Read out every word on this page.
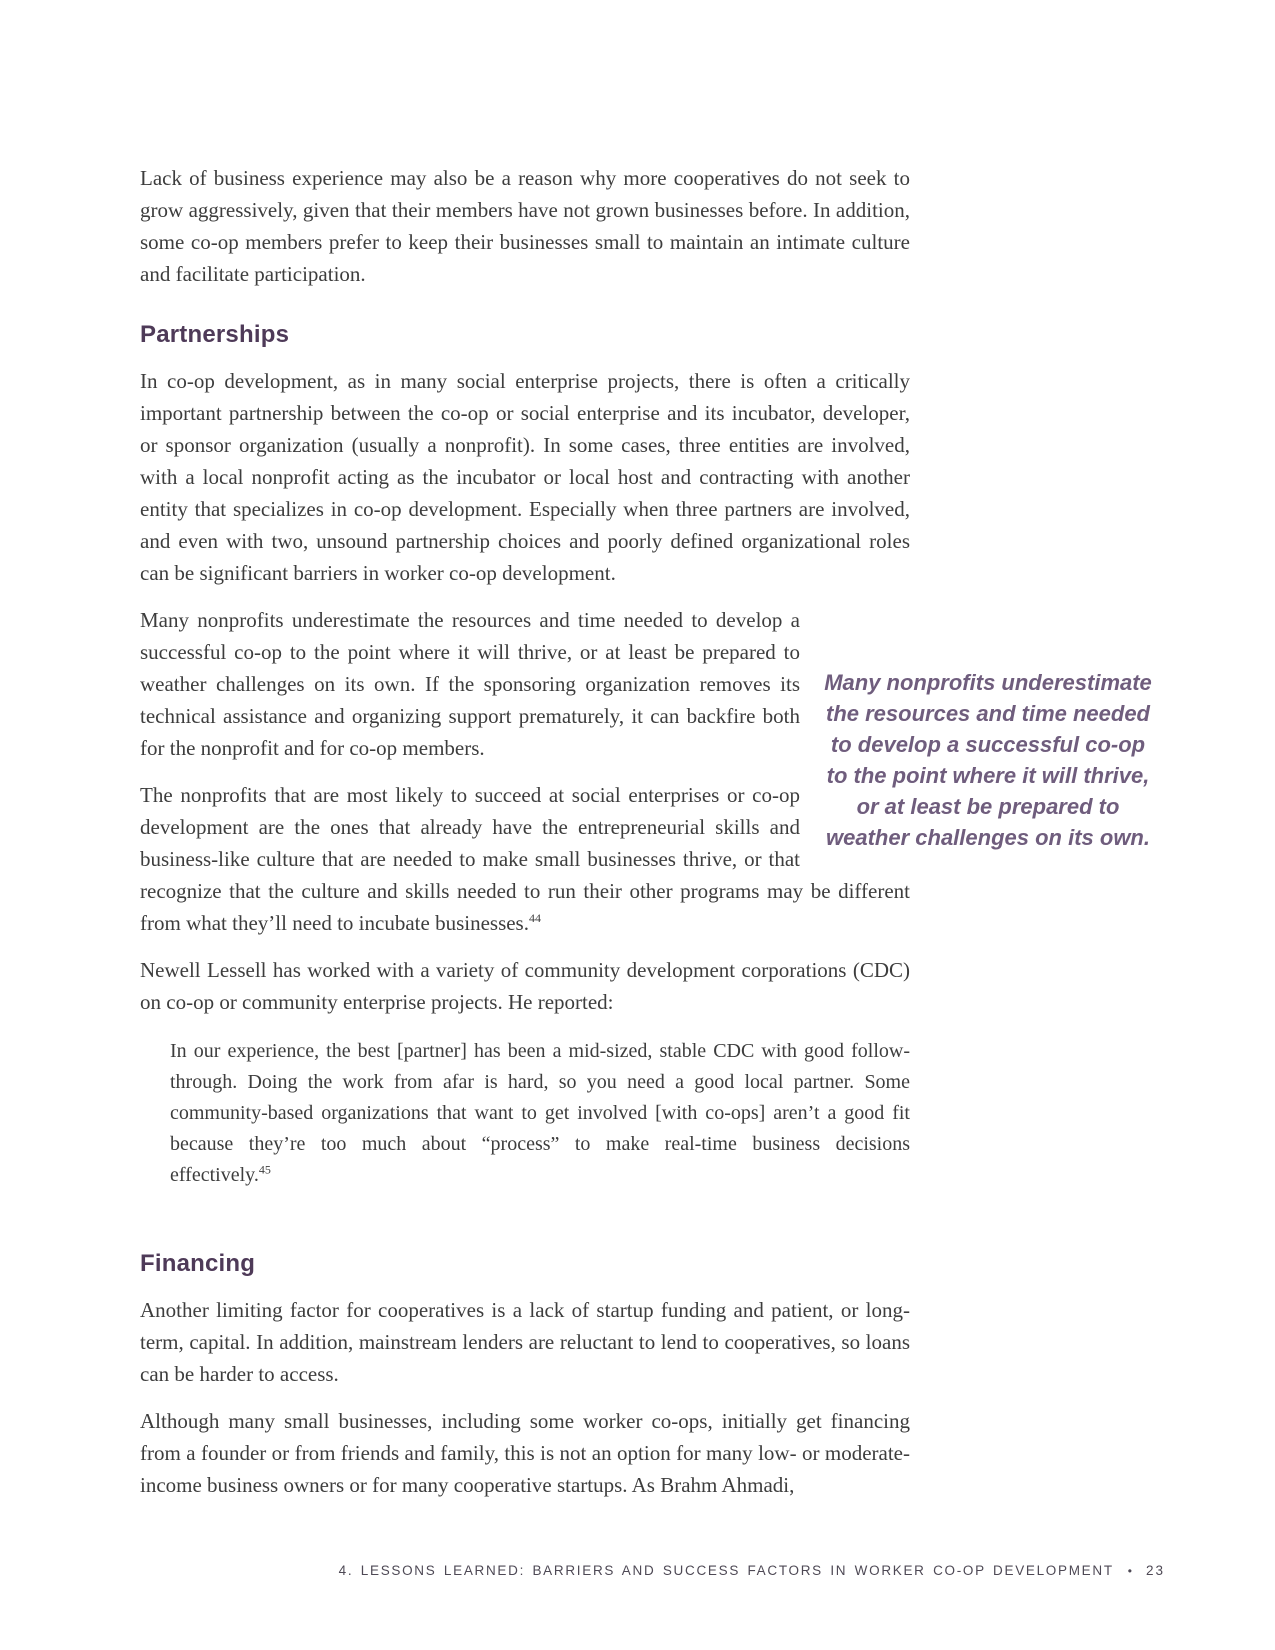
Lack of business experience may also be a reason why more cooperatives do not seek to grow aggressively, given that their members have not grown businesses before. In addition, some co-op members prefer to keep their businesses small to maintain an intimate culture and facilitate participation.

Partnerships

In co-op development, as in many social enterprise projects, there is often a critically important partnership between the co-op or social enterprise and its incubator, developer, or sponsor organization (usually a nonprofit). In some cases, three entities are involved, with a local nonprofit acting as the incubator or local host and contracting with another entity that specializes in co-op development. Especially when three partners are involved, and even with two, unsound partnership choices and poorly defined organizational roles can be significant barriers in worker co-op development.

Many nonprofits underestimate the resources and time needed to develop a successful co-op to the point where it will thrive, or at least be prepared to weather challenges on its own.

Many nonprofits underestimate the resources and time needed to develop a successful co-op to the point where it will thrive, or at least be prepared to weather challenges on its own. If the sponsoring organization removes its technical assistance and organizing support prematurely, it can backfire both for the nonprofit and for co-op members.

The nonprofits that are most likely to succeed at social enterprises or co-op development are the ones that already have the entrepreneurial skills and business-like culture that are needed to make small businesses thrive, or that recognize that the culture and skills needed to run their other programs may be different from what they’ll need to incubate businesses.$^{44}$

Newell Lessell has worked with a variety of community development corporations (CDC) on co-op or community enterprise projects. He reported:

In our experience, the best [partner] has been a mid-sized, stable CDC with good follow-through. Doing the work from afar is hard, so you need a good local partner. Some community-based organizations that want to get involved [with co-ops] aren’t a good fit because they’re too much about “process” to make real-time business decisions effectively.$^{45}$
Financing

Another limiting factor for cooperatives is a lack of startup funding and patient, or long-term, capital. In addition, mainstream lenders are reluctant to lend to cooperatives, so loans can be harder to access.

Although many small businesses, including some worker co-ops, initially get financing from a founder or from friends and family, this is not an option for many low- or moderate-income business owners or for many cooperative startups. As Brahm Ahmadi,

4. LESSONS LEARNED: BARRIERS AND SUCCESS FACTORS IN WORKER CO-OP DEVELOPMENT • 23
